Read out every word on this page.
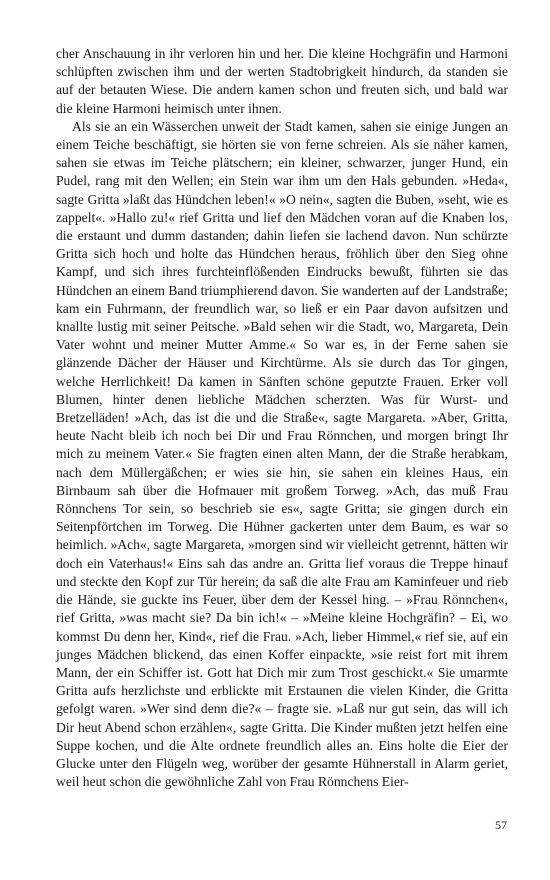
cher Anschauung in ihr verloren hin und her. Die kleine Hochgräfin und Harmoni schlüpften zwischen ihm und der werten Stadtobrigkeit hindurch, da standen sie auf der betauten Wiese. Die andern kamen schon und freuten sich, und bald war die kleine Harmoni heimisch unter ihnen.

Als sie an ein Wässerchen unweit der Stadt kamen, sahen sie einige Jungen an einem Teiche beschäftigt, sie hörten sie von ferne schreien. Als sie näher kamen, sahen sie etwas im Teiche plätschern; ein kleiner, schwarzer, junger Hund, ein Pudel, rang mit den Wellen; ein Stein war ihm um den Hals gebunden. »Heda«, sagte Gritta »laßt das Hündchen leben!« »O nein«, sagten die Buben, »seht, wie es zappelt«. »Hallo zu!« rief Gritta und lief den Mädchen voran auf die Knaben los, die erstaunt und dumm dastanden; dahin liefen sie lachend davon. Nun schürzte Gritta sich hoch und holte das Hündchen heraus, fröhlich über den Sieg ohne Kampf, und sich ihres furchteinflößenden Eindrucks bewußt, führten sie das Hündchen an einem Band triumphierend davon. Sie wanderten auf der Landstraße; kam ein Fuhrmann, der freundlich war, so ließ er ein Paar davon aufsitzen und knallte lustig mit seiner Peitsche. »Bald sehen wir die Stadt, wo, Margareta, Dein Vater wohnt und meiner Mutter Amme.« So war es, in der Ferne sahen sie glänzende Dächer der Häuser und Kirchtürme. Als sie durch das Tor gingen, welche Herrlichkeit! Da kamen in Sänften schöne geputzte Frauen. Erker voll Blumen, hinter denen liebliche Mädchen scherzten. Was für Wurst- und Bretzelläden! »Ach, das ist die und die Straße«, sagte Margareta. »Aber, Gritta, heute Nacht bleib ich noch bei Dir und Frau Rönnchen, und morgen bringt Ihr mich zu meinem Vater.« Sie fragten einen alten Mann, der die Straße herabkam, nach dem Müllergäßchen; er wies sie hin, sie sahen ein kleines Haus, ein Birnbaum sah über die Hofmauer mit großem Torweg. »Ach, das muß Frau Rönnchens Tor sein, so beschrieb sie es«, sagte Gritta; sie gingen durch ein Seitenpförtchen im Torweg. Die Hühner gackerten unter dem Baum, es war so heimlich. »Ach«, sagte Margareta, »morgen sind wir vielleicht getrennt, hätten wir doch ein Vaterhaus!« Eins sah das andre an. Gritta lief voraus die Treppe hinauf und steckte den Kopf zur Tür herein; da saß die alte Frau am Kaminfeuer und rieb die Hände, sie guckte ins Feuer, über dem der Kessel hing. – »Frau Rönnchen«, rief Gritta, »was macht sie? Da bin ich!« – »Meine kleine Hochgräfin? – Ei, wo kommst Du denn her, Kind«, rief die Frau. »Ach, lieber Himmel,« rief sie, auf ein junges Mädchen blickend, das einen Koffer einpackte, »sie reist fort mit ihrem Mann, der ein Schiffer ist. Gott hat Dich mir zum Trost geschickt.« Sie umarmte Gritta aufs herzlichste und erblickte mit Erstaunen die vielen Kinder, die Gritta gefolgt waren. »Wer sind denn die?« – fragte sie. »Laß nur gut sein, das will ich Dir heut Abend schon erzählen«, sagte Gritta. Die Kinder mußten jetzt helfen eine Suppe kochen, und die Alte ordnete freundlich alles an. Eins holte die Eier der Glucke unter den Flügeln weg, worüber der gesamte Hühnerstall in Alarm geriet, weil heut schon die gewöhnliche Zahl von Frau Rönnchens Eier-

57
